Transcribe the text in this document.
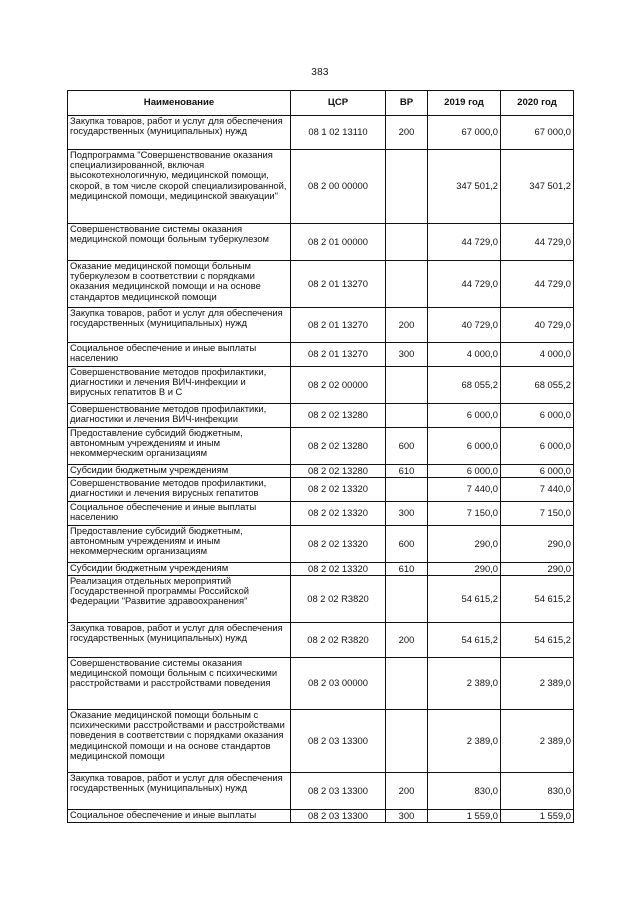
383
Наименование	ЦСР	ВР	2019 год	2020 год
Закупка товаров, работ и услуг для обеспечения государственных (муниципальных) нужд	08 1 02 13110	200	67 000,0	67 000,0
Подпрограмма "Совершенствование оказания специализированной, включая высокотехнологичную, медицинской помощи, скорой, в том числе скорой специализированной, медицинской помощи, медицинской эвакуации"	08 2 00 00000		347 501,2	347 501,2
Совершенствование системы оказания медицинской помощи больным туберкулезом	08 2 01 00000		44 729,0	44 729,0
Оказание медицинской помощи больным туберкулезом в соответствии с порядками оказания медицинской помощи и на основе стандартов медицинской помощи	08 2 01 13270		44 729,0	44 729,0
Закупка товаров, работ и услуг для обеспечения государственных (муниципальных) нужд	08 2 01 13270	200	40 729,0	40 729,0
Социальное обеспечение и иные выплаты населению	08 2 01 13270	300	4 000,0	4 000,0
Совершенствование методов профилактики, диагностики и лечения ВИЧ-инфекции и вирусных гепатитов В и С	08 2 02 00000		68 055,2	68 055,2
Совершенствование методов профилактики, диагностики и лечения ВИЧ-инфекции	08 2 02 13280		6 000,0	6 000,0
Предоставление субсидий бюджетным, автономным учреждениям и иным некоммерческим организациям	08 2 02 13280	600	6 000,0	6 000,0
Субсидии бюджетным учреждениям	08 2 02 13280	610	6 000,0	6 000,0
Совершенствование методов профилактики, диагностики и лечения вирусных гепатитов	08 2 02 13320		7 440,0	7 440,0
Социальное обеспечение и иные выплаты населению	08 2 02 13320	300	7 150,0	7 150,0
Предоставление субсидий бюджетным, автономным учреждениям и иным некоммерческим организациям	08 2 02 13320	600	290,0	290,0
Субсидии бюджетным учреждениям	08 2 02 13320	610	290,0	290,0
Реализация отдельных мероприятий Государственной программы Российской Федерации "Развитие здравоохранения"	08 2 02 R3820		54 615,2	54 615,2
Закупка товаров, работ и услуг для обеспечения государственных (муниципальных) нужд	08 2 02 R3820	200	54 615,2	54 615,2
Совершенствование системы оказания медицинской помощи больным с психическими расстройствами и расстройствами поведения	08 2 03 00000		2 389,0	2 389,0
Оказание медицинской помощи больным с психическими расстройствами и расстройствами поведения в соответствии с порядками оказания медицинской помощи и на основе стандартов медицинской помощи	08 2 03 13300		2 389,0	2 389,0
Закупка товаров, работ и услуг для обеспечения государственных (муниципальных) нужд	08 2 03 13300	200	830,0	830,0
Социальное обеспечение и иные выплаты	08 2 03 13300	300	1 559,0	1 559,0
